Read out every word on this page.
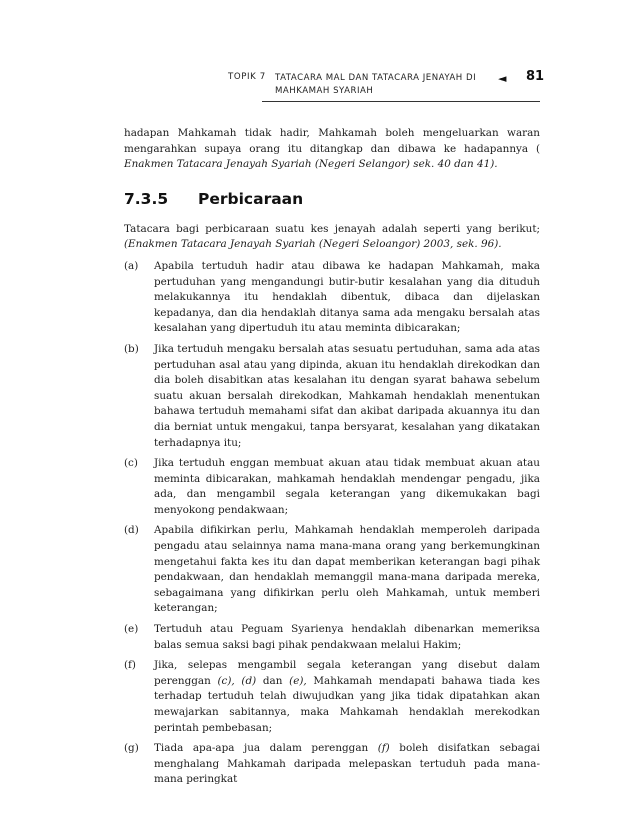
TOPIK 7 TATACARA MAL DAN TATACARA JENAYAH DI MAHKAMAH SYARIAH
◄ 81

hadapan Mahkamah tidak hadir, Mahkamah boleh mengeluarkan waran mengarahkan supaya orang itu ditangkap dan dibawa ke hadapannya ( Enakmen Tatacara Jenayah Syariah (Negeri Selangor) sek. 40 dan 41).

7.3.5 Perbicaraan

Tatacara bagi perbicaraan suatu kes jenayah adalah seperti yang berikut; (Enakmen Tatacara Jenayah Syariah (Negeri Seloangor) 2003, sek. 96).

(a)	Apabila tertuduh hadir atau dibawa ke hadapan Mahkamah, maka pertuduhan yang mengandungi butir-butir kesalahan yang dia dituduh melakukannya itu hendaklah dibentuk, dibaca dan dijelaskan kepadanya, dan dia hendaklah ditanya sama ada mengaku bersalah atas kesalahan yang dipertuduh itu atau meminta dibicarakan;

(b)	Jika tertuduh mengaku bersalah atas sesuatu pertuduhan, sama ada atas pertuduhan asal atau yang dipinda, akuan itu hendaklah direkodkan dan dia boleh disabitkan atas kesalahan itu dengan syarat bahawa sebelum suatu akuan bersalah direkodkan, Mahkamah hendaklah menentukan bahawa tertuduh memahami sifat dan akibat daripada akuannya itu dan dia berniat untuk mengakui, tanpa bersyarat, kesalahan yang dikatakan terhadapnya itu;

(c)	Jika tertuduh enggan membuat akuan atau tidak membuat akuan atau meminta dibicarakan, mahkamah hendaklah mendengar pengadu, jika ada, dan mengambil segala keterangan yang dikemukakan bagi menyokong pendakwaan;

(d)	Apabila difikirkan perlu, Mahkamah hendaklah memperoleh daripada pengadu atau selainnya nama mana-mana orang yang berkemungkinan mengetahui fakta kes itu dan dapat memberikan keterangan bagi pihak pendakwaan, dan hendaklah memanggil mana-mana daripada mereka, sebagaimana yang difikirkan perlu oleh Mahkamah, untuk memberi keterangan;

(e)	Tertuduh atau Peguam Syarienya hendaklah dibenarkan memeriksa balas semua saksi bagi pihak pendakwaan melalui Hakim;

(f)	Jika, selepas mengambil segala keterangan yang disebut dalam perenggan (c), (d) dan (e), Mahkamah mendapati bahawa tiada kes terhadap tertuduh telah diwujudkan yang jika tidak dipatahkan akan mewajarkan sabitannya, maka Mahkamah hendaklah merekodkan perintah pembebasan;

(g)	Tiada apa-apa jua dalam perenggan (f) boleh disifatkan sebagai menghalang Mahkamah daripada melepaskan tertuduh pada mana-mana peringkat
